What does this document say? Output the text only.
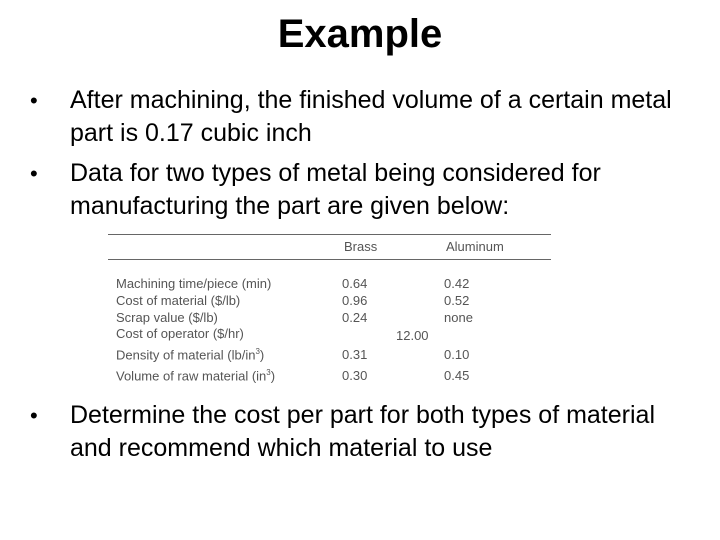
Example
•	After machining, the finished volume of a certain metal part is 0.17 cubic inch
•	Data for two types of metal being considered for manufacturing the part are given below:
Brass	Aluminum
Machining time/piece (min)	0.64	0.42
Cost of material ($/lb)	0.96	0.52
Scrap value ($/lb)	0.24	none
Cost of operator ($/hr)	12.00
Density of material $(lb/in^3)$	0.31	0.10
Volume of raw material $(in^3)$	0.30	0.45
•	Determine the cost per part for both types of material and recommend which material to use
